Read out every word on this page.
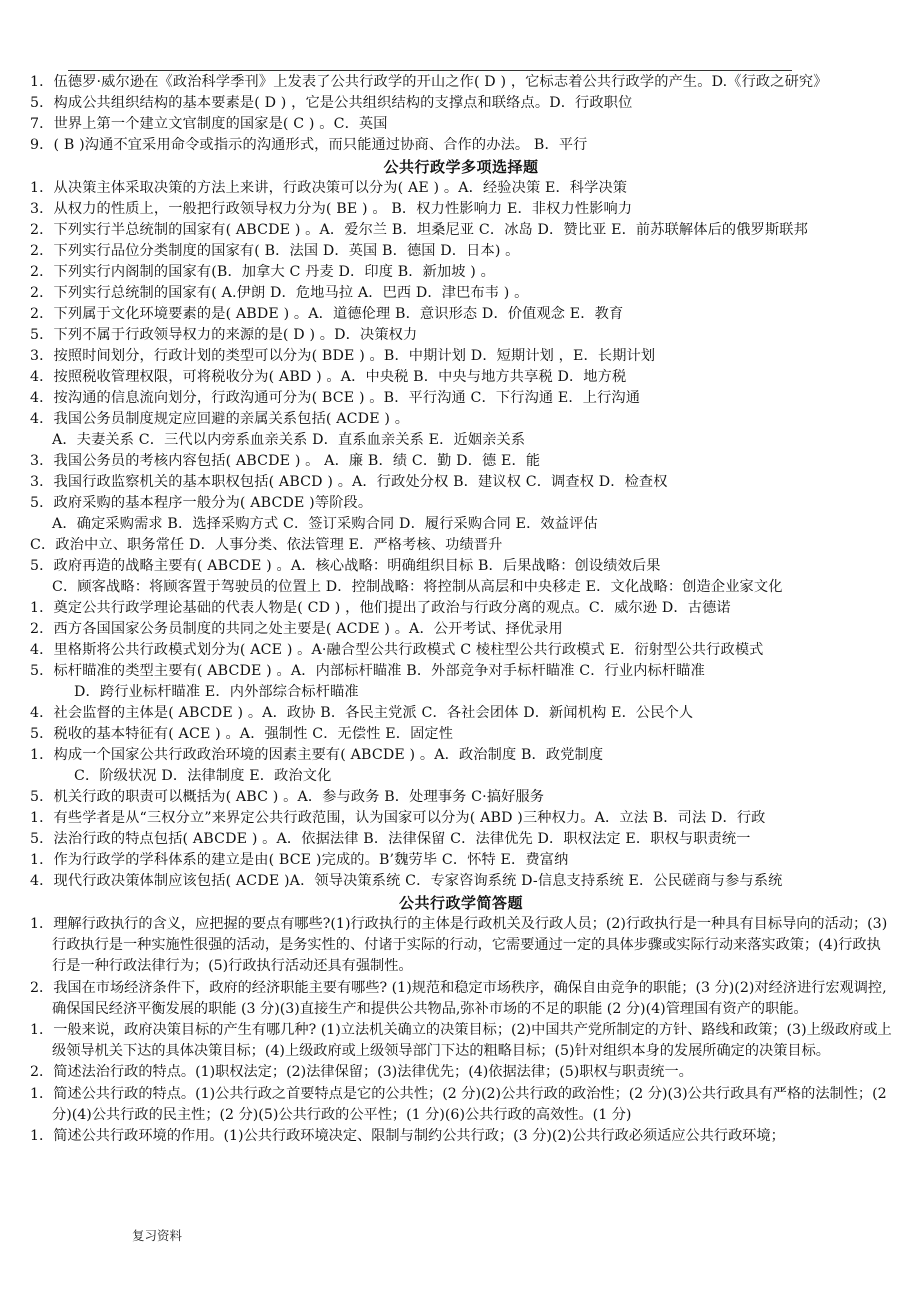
1．伍德罗·威尔逊在《政治科学季刊》上发表了公共行政学的开山之作( D ) ，它标志着公共行政学的产生。D.《行政之研究》
5．构成公共组织结构的基本要素是( D ) ，它是公共组织结构的支撑点和联络点。D．行政职位
7．世界上第一个建立文官制度的国家是( C ) 。C．英国
9．( B )沟通不宜采用命令或指示的沟通形式，而只能通过协商、合作的办法。 B．平行
公共行政学多项选择题
1．从决策主体采取决策的方法上来讲，行政决策可以分为( AE ) 。A．经验决策 E．科学决策
3．从权力的性质上，一般把行政领导权力分为( BE ) 。 B．权力性影响力 E．非权力性影响力
2．下列实行半总统制的国家有( ABCDE ) 。A．爱尔兰 B．坦桑尼亚 C．冰岛 D．赞比亚 E．前苏联解体后的俄罗斯联邦
2．下列实行品位分类制度的国家有( B．法国 D．英国 B．德国 D．日本) 。
2．下列实行内阁制的国家有(B．加拿大 C 丹麦 D．印度 B．新加坡 ) 。
2．下列实行总统制的国家有( A.伊朗 D．危地马拉 A．巴西 D．津巴布韦 ) 。
2．下列属于文化环境要素的是( ABDE ) 。A．道德伦理 B．意识形态 D．价值观念 E．教育
5．下列不属于行政领导权力的来源的是( D ) 。D．决策权力
3．按照时间划分，行政计划的类型可以分为( BDE ) 。B．中期计划 D．短期计划 ，E．长期计划
4．按照税收管理权限，可将税收分为( ABD ) 。A．中央税 B．中央与地方共享税 D．地方税
4．按沟通的信息流向划分，行政沟通可分为( BCE ) 。B．平行沟通 C．下行沟通 E．上行沟通
4．我国公务员制度规定应回避的亲属关系包括( ACDE ) 。
A．夫妻关系 C．三代以内旁系血亲关系 D．直系血亲关系 E．近姻亲关系
3．我国公务员的考核内容包括( ABCDE ) 。 A．廉 B．绩 C．勤 D．德 E．能
3．我国行政监察机关的基本职权包括( ABCD ) 。A．行政处分权 B．建议权 C．调查权 D．检查权
5．政府采购的基本程序一般分为( ABCDE )等阶段。
A．确定采购需求 B．选择采购方式 C．签订采购合同 D．履行采购合同 E．效益评估
C．政治中立、职务常任 D．人事分类、依法管理 E．严格考核、功绩晋升
5．政府再造的战略主要有( ABCDE ) 。A．核心战略：明确组织目标 B．后果战略：创设绩效后果
C．顾客战略：将顾客置于驾驶员的位置上 D．控制战略：将控制从高层和中央移走 E．文化战略：创造企业家文化
1．奠定公共行政学理论基础的代表人物是( CD ) ，他们提出了政治与行政分离的观点。C．威尔逊 D．古德诺
2．西方各国国家公务员制度的共同之处主要是( ACDE ) 。A．公开考试、择优录用
4．里格斯将公共行政模式划分为( ACE ) 。A·融合型公共行政模式 C 棱柱型公共行政模式 E．衍射型公共行政模式
5．标杆瞄准的类型主要有( ABCDE ) 。A．内部标杆瞄准 B．外部竞争对手标杆瞄准 C．行业内标杆瞄准
D．跨行业标杆瞄准 E．内外部综合标杆瞄准
4．社会监督的主体是( ABCDE ) 。A．政协 B．各民主党派 C．各社会团体 D．新闻机构 E．公民个人
5．税收的基本特征有( ACE ) 。A．强制性 C．无偿性 E．固定性
1．构成一个国家公共行政政治环境的因素主要有( ABCDE ) 。A．政治制度 B．政党制度
C．阶级状况 D．法律制度 E．政治文化
5．机关行政的职责可以概括为( ABC ) 。A．参与政务 B．处理事务 C·搞好服务
1．有些学者是从“三权分立”来界定公共行政范围，认为国家可以分为( ABD )三种权力。A．立法 B．司法 D．行政
5．法治行政的特点包括( ABCDE ) 。A．依据法律 B．法律保留 C．法律优先 D．职权法定 E．职权与职责统一
1．作为行政学的学科体系的建立是由( BCE )完成的。B’魏劳毕 C．怀特 E．费富纳
4．现代行政决策体制应该包括( ACDE )A．领导决策系统 C．专家咨询系统 D-信息支持系统 E．公民磋商与参与系统
公共行政学简答题
1．理解行政执行的含义，应把握的要点有哪些?(1)行政执行的主体是行政机关及行政人员；(2)行政执行是一种具有目标导向的活动；(3)行政执行是一种实施性很强的活动，是务实性的、付诸于实际的行动，它需要通过一定的具体步骤或实际行动来落实政策；(4)行政执行是一种行政法律行为；(5)行政执行活动还具有强制性。
2．我国在市场经济条件下，政府的经济职能主要有哪些? (1)规范和稳定市场秩序，确保自由竞争的职能；(3 分)(2)对经济进行宏观调控,确保国民经济平衡发展的职能 (3 分)(3)直接生产和提供公共物品,弥补市场的不足的职能 (2 分)(4)管理国有资产的职能。
1．一般来说，政府决策目标的产生有哪几种? (1)立法机关确立的决策目标；(2)中国共产党所制定的方针、路线和政策；(3)上级政府或上级领导机关下达的具体决策目标；(4)上级政府或上级领导部门下达的粗略目标；(5)针对组织本身的发展所确定的决策目标。
2．简述法治行政的特点。(1)职权法定；(2)法律保留；(3)法律优先；(4)依据法律；(5)职权与职责统一。
1．简述公共行政的特点。(1)公共行政之首要特点是它的公共性；(2 分)(2)公共行政的政治性；(2 分)(3)公共行政具有严格的法制性；(2 分)(4)公共行政的民主性；(2 分)(5)公共行政的公平性；(1 分)(6)公共行政的高效性。(1 分)
1．简述公共行政环境的作用。(1)公共行政环境决定、限制与制约公共行政；(3 分)(2)公共行政必须适应公共行政环境；
复习资料
